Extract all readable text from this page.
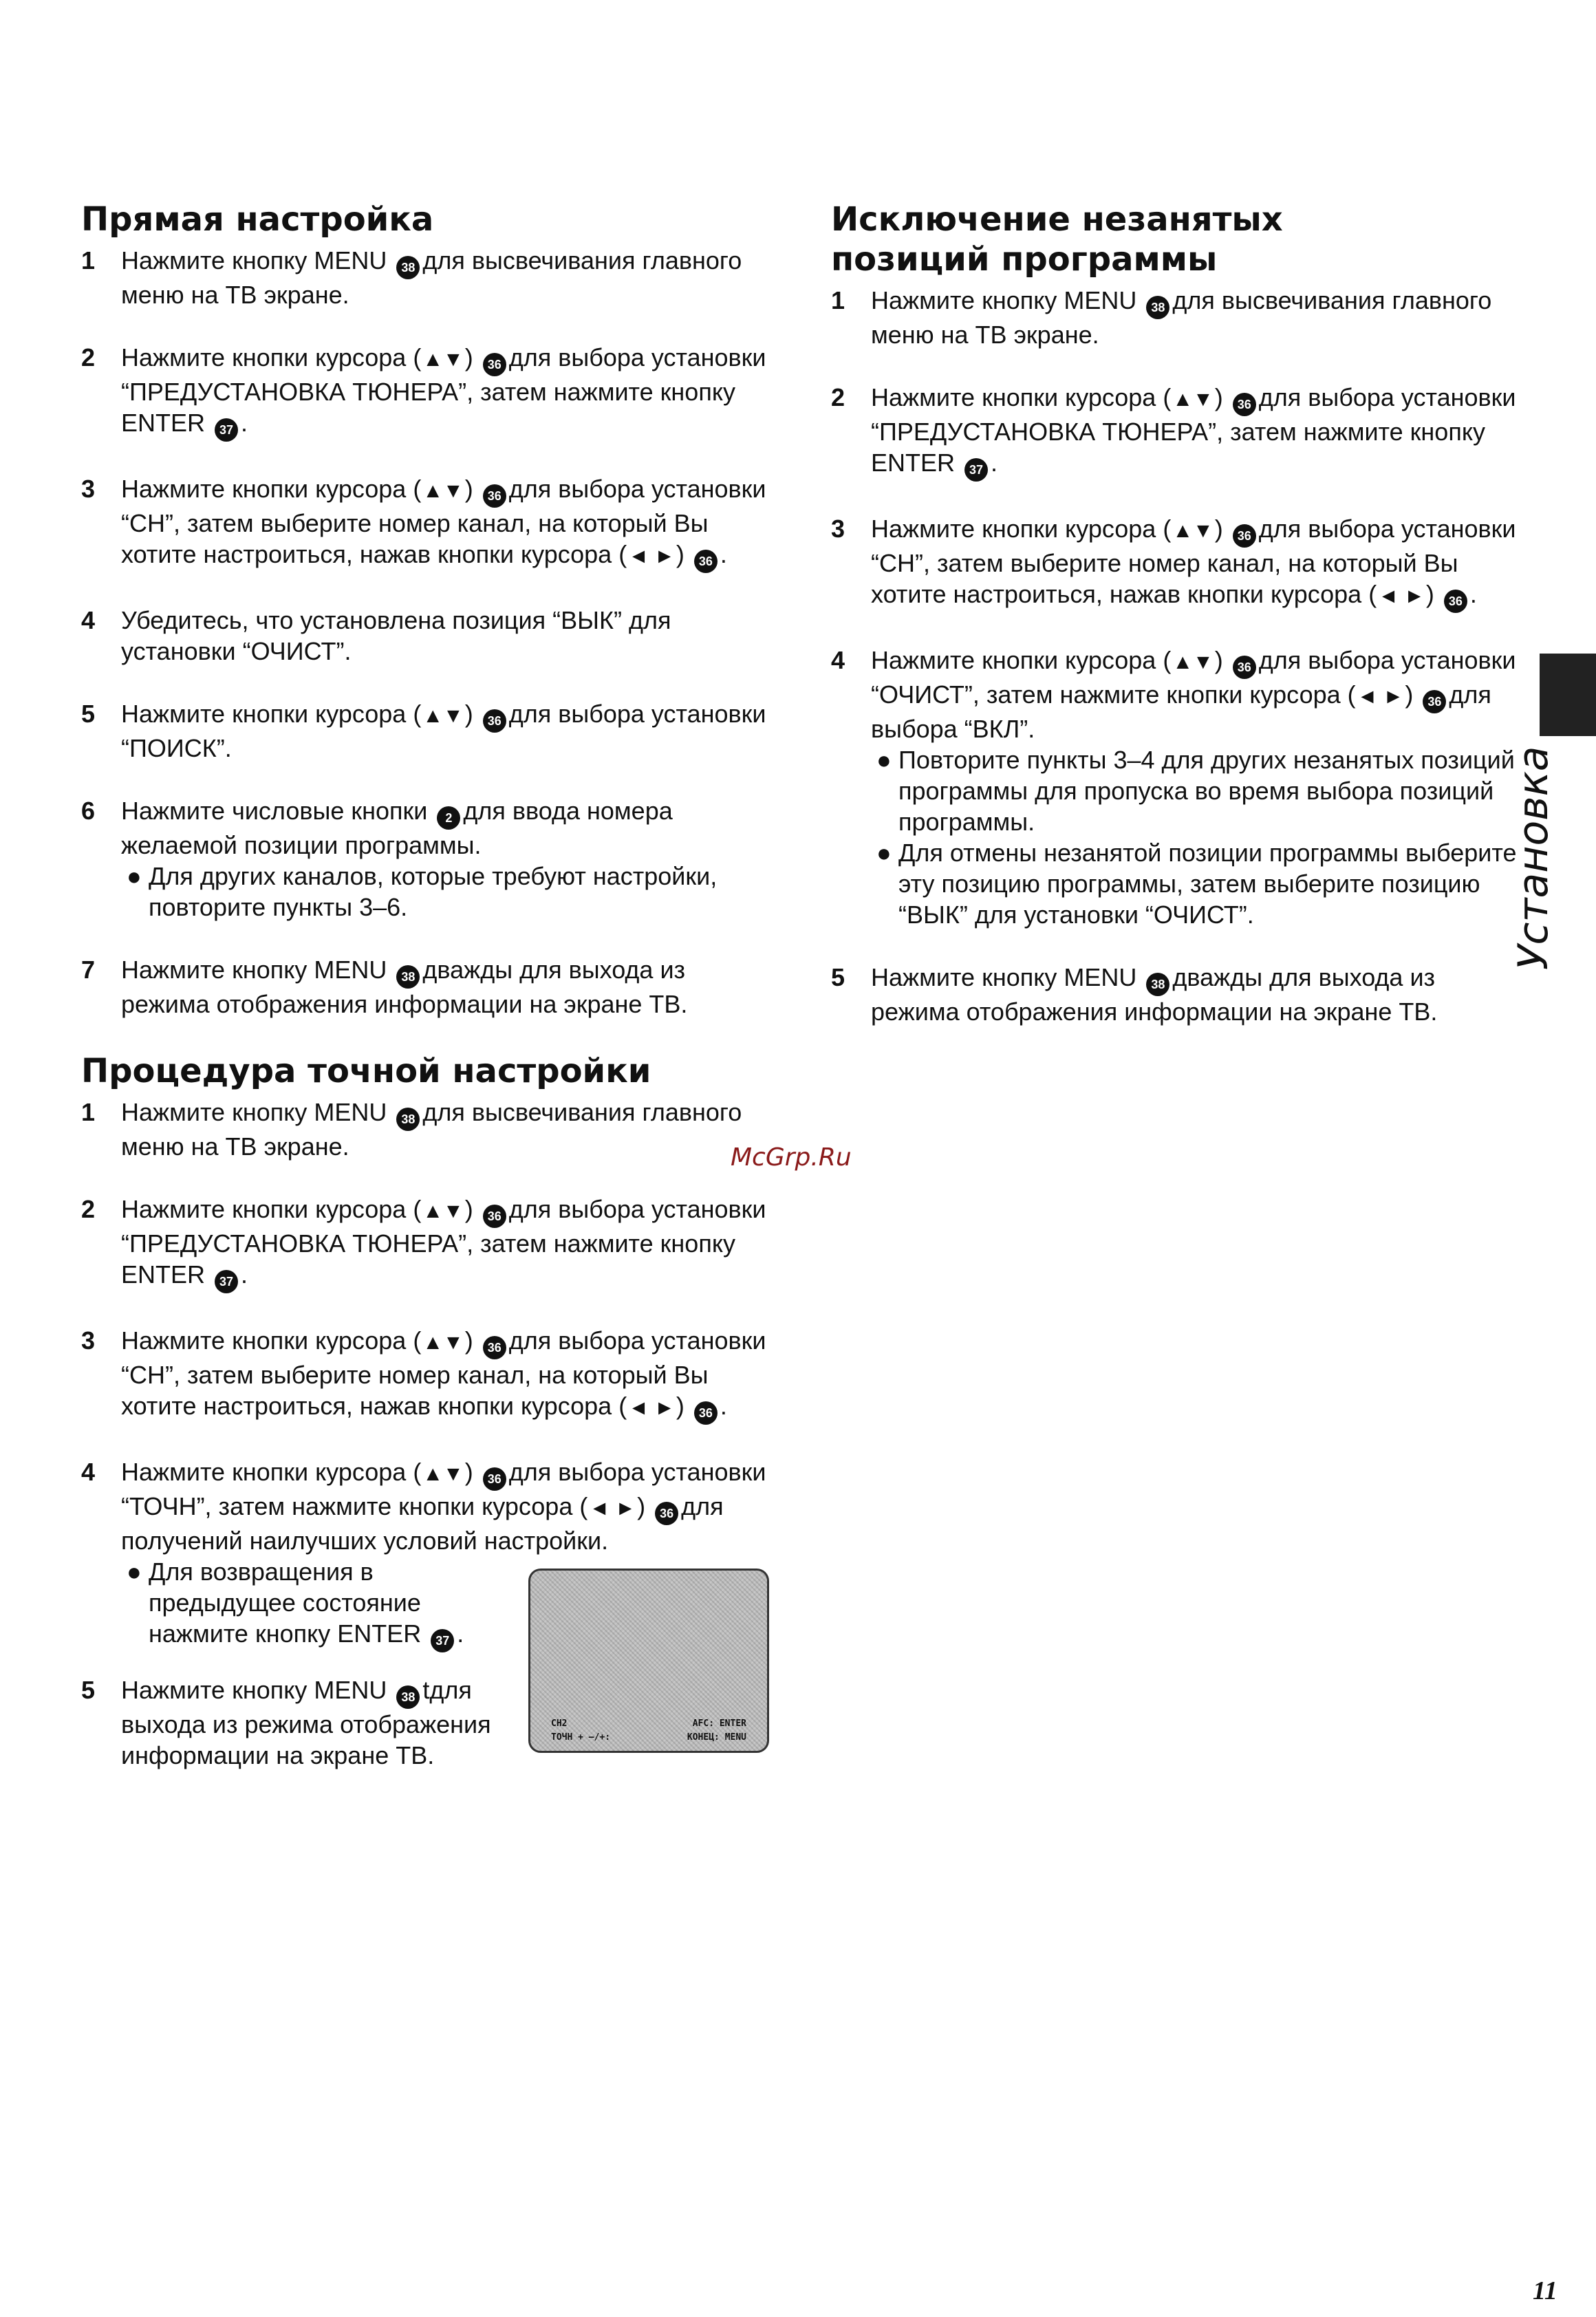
Прямая настройка
1	Нажмите кнопку MENU 38 для высвечивания главного меню на ТВ экране.
2	Нажмите кнопки курсора (▲▼) 36 для выбора установки “ПРЕДУСТАНОВКА ТЮНЕРА”, затем нажмите кнопку ENTER 37 .
3	Нажмите кнопки курсора (▲▼) 36 для выбора установки “СН”, затем выберите номер канал, на который Вы хотите настроиться, нажав кнопки курсора (◄ ►) 36 .
4	Убедитесь, что установлена позиция “ВЫК” для установки “ОЧИСТ”.
5	Нажмите кнопки курсора (▲▼) 36 для выбора установки “ПОИСК”.
6	Нажмите числовые кнопки 2 для ввода номера желаемой позиции программы.
● Для других каналов, которые требуют настройки, повторите пункты 3–6.
7	Нажмите кнопку MENU 38 дважды для выхода из режима отображения информации на экране ТВ.
Процедура точной настройки
1	Нажмите кнопку MENU 38 для высвечивания главного меню на ТВ экране.
2	Нажмите кнопки курсора (▲▼) 36 для выбора установки “ПРЕДУСТАНОВКА ТЮНЕРА”, затем нажмите кнопку ENTER 37 .
3	Нажмите кнопки курсора (▲▼) 36 для выбора установки “СН”, затем выберите номер канал, на который Вы хотите настроиться, нажав кнопки курсора (◄ ►) 36 .
4	Нажмите кнопки курсора (▲▼) 36 для выбора установки “ТОЧН”, затем нажмите кнопки курсора (◄ ►) 36 для получений наилучших условий настройки.
● Для возвращения в предыдущее состояние нажмите кнопку ENTER 37 .
CH2	AFC: ENTER
ТОЧН + –/+:	КОНЕЦ: MENU
5	Нажмите кнопку MENU 38 tдля выхода из режима отображения информации на экране ТВ.
Исключение незанятых позиций программы
1	Нажмите кнопку MENU 38 для высвечивания главного меню на ТВ экране.
2	Нажмите кнопки курсора (▲▼) 36 для выбора установки “ПРЕДУСТАНОВКА ТЮНЕРА”, затем нажмите кнопку ENTER 37 .
3	Нажмите кнопки курсора (▲▼) 36 для выбора установки “СН”, затем выберите номер канал, на который Вы хотите настроиться, нажав кнопки курсора (◄ ►) 36 .
4	Нажмите кнопки курсора (▲▼) 36 для выбора установки “ОЧИСТ”, затем нажмите кнопки курсора (◄ ►) 36 для выбора “ВКЛ”.
● Повторите пункты 3–4 для других незанятых позиций программы для пропуска во время выбора позиций программы.
● Для отмены незанятой позиции программы выберите эту позицию программы, затем выберите позицию “ВЫК” для установки “ОЧИСТ”.
5	Нажмите кнопку MENU 38 дважды для выхода из режима отображения информации на экране ТВ.
McGrp.Ru
Установка
11
